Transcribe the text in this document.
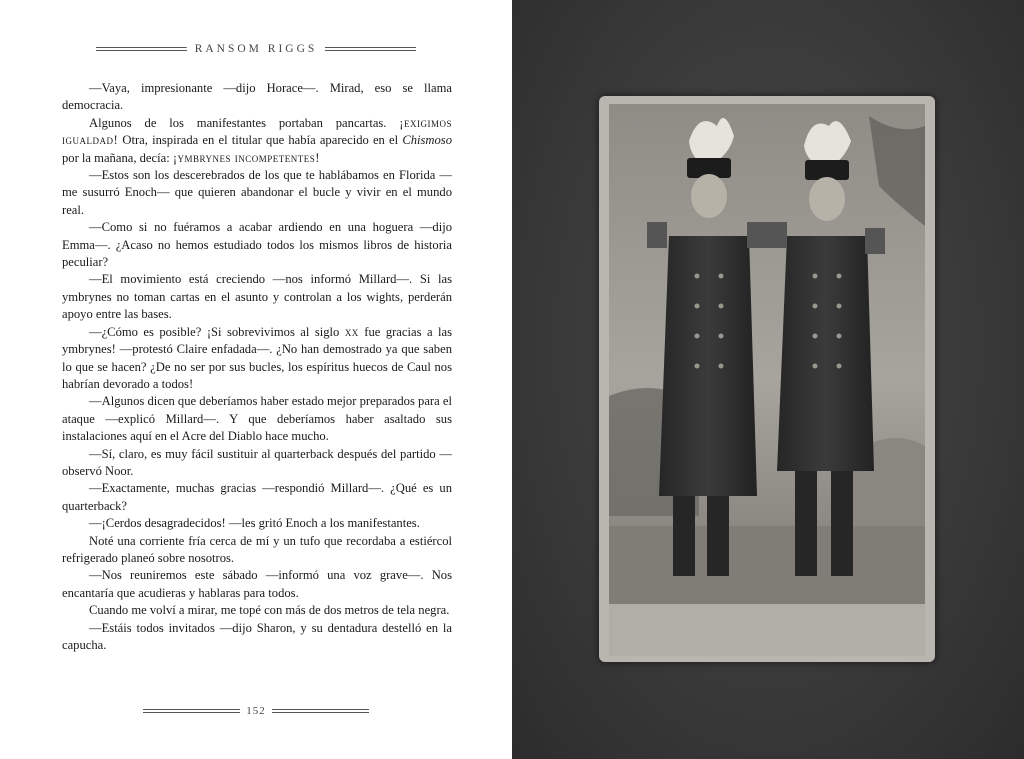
RANSOM RIGGS

—Vaya, impresionante —dijo Horace—. Mirad, eso se llama democracia.

Algunos de los manifestantes portaban pancartas. ¡exigimos igualdad! Otra, inspirada en el titular que había aparecido en el Chismoso por la mañana, decía: ¡ymbrynes incompetentes!

—Estos son los descerebrados de los que te hablábamos en Florida —me susurró Enoch— que quieren abandonar el bucle y vivir en el mundo real.

—Como si no fuéramos a acabar ardiendo en una hoguera —dijo Emma—. ¿Acaso no hemos estudiado todos los mismos libros de historia peculiar?

—El movimiento está creciendo —nos informó Millard—. Si las ymbrynes no toman cartas en el asunto y controlan a los wights, perderán apoyo entre las bases.

—¿Cómo es posible? ¡Si sobrevivimos al siglo xx fue gracias a las ymbrynes! —protestó Claire enfadada—. ¿No han demostrado ya que saben lo que se hacen? ¿De no ser por sus bucles, los espíritus huecos de Caul nos habrían devorado a todos!

—Algunos dicen que deberíamos haber estado mejor preparados para el ataque —explicó Millard—. Y que deberíamos haber asaltado sus instalaciones aquí en el Acre del Diablo hace mucho.

—Sí, claro, es muy fácil sustituir al quarterback después del partido —observó Noor.

—Exactamente, muchas gracias —respondió Millard—. ¿Qué es un quarterback?

—¡Cerdos desagradecidos! —les gritó Enoch a los manifestantes.

Noté una corriente fría cerca de mí y un tufo que recordaba a estiércol refrigerado planeó sobre nosotros.

—Nos reuniremos este sábado —informó una voz grave—. Nos encantaría que acudieras y hablaras para todos.

Cuando me volví a mirar, me topé con más de dos metros de tela negra.

—Estáis todos invitados —dijo Sharon, y su dentadura destelló en la capucha.

152
